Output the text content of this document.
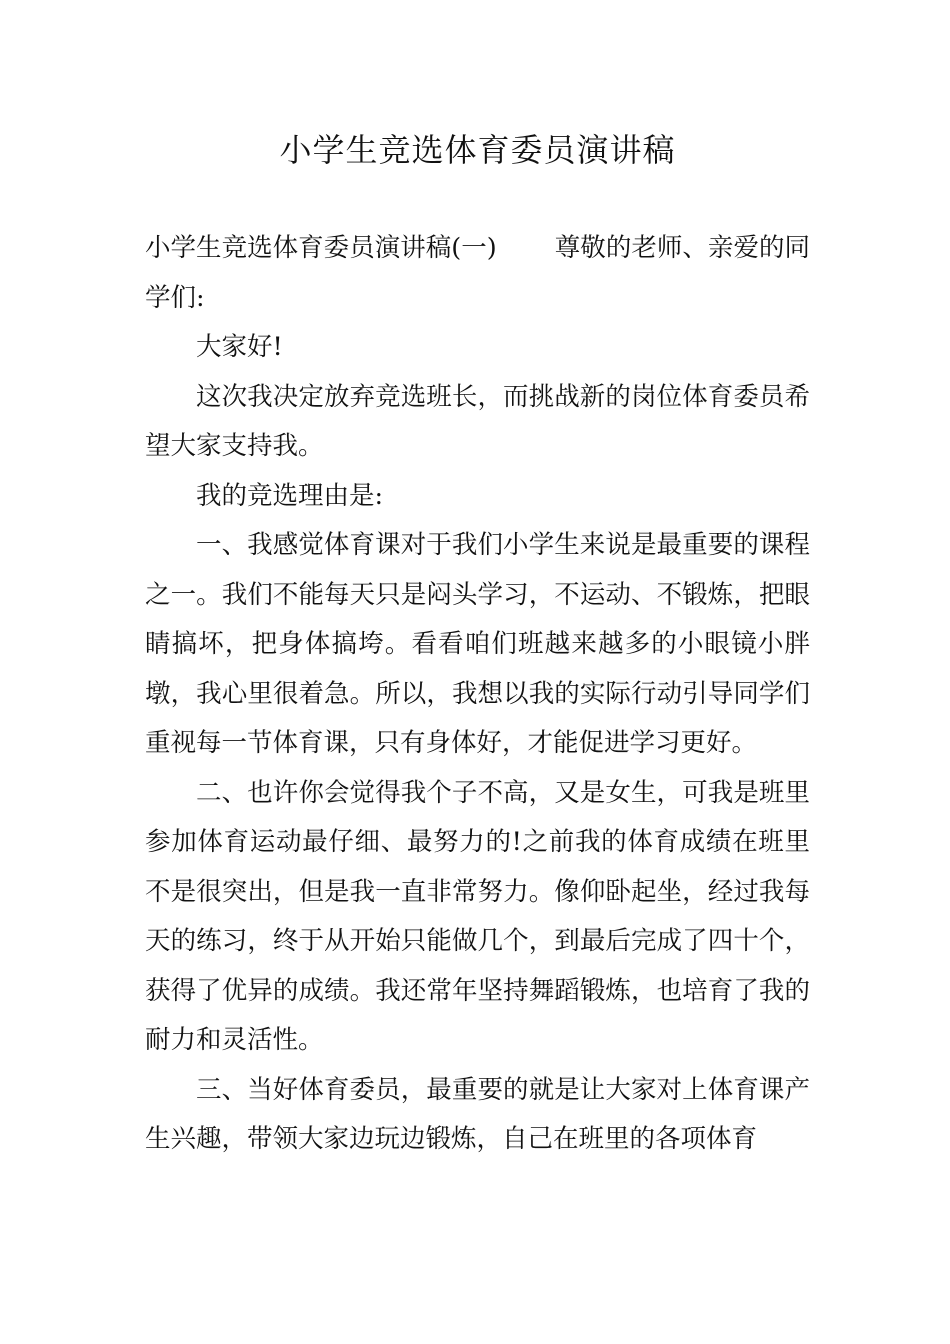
小学生竞选体育委员演讲稿

小学生竞选体育委员演讲稿(一) 尊敬的老师、亲爱的同学们:

大家好!

这次我决定放弃竞选班长，而挑战新的岗位体育委员希望大家支持我。

我的竞选理由是:

一、我感觉体育课对于我们小学生来说是最重要的课程之一。我们不能每天只是闷头学习，不运动、不锻炼，把眼睛搞坏，把身体搞垮。看看咱们班越来越多的小眼镜小胖墩，我心里很着急。所以，我想以我的实际行动引导同学们重视每一节体育课，只有身体好，才能促进学习更好。

二、也许你会觉得我个子不高，又是女生，可我是班里参加体育运动最仔细、最努力的!之前我的体育成绩在班里不是很突出，但是我一直非常努力。像仰卧起坐，经过我每天的练习，终于从开始只能做几个，到最后完成了四十个，获得了优异的成绩。我还常年坚持舞蹈锻炼，也培育了我的耐力和灵活性。

三、当好体育委员，最重要的就是让大家对上体育课产生兴趣，带领大家边玩边锻炼，自己在班里的各项体育
